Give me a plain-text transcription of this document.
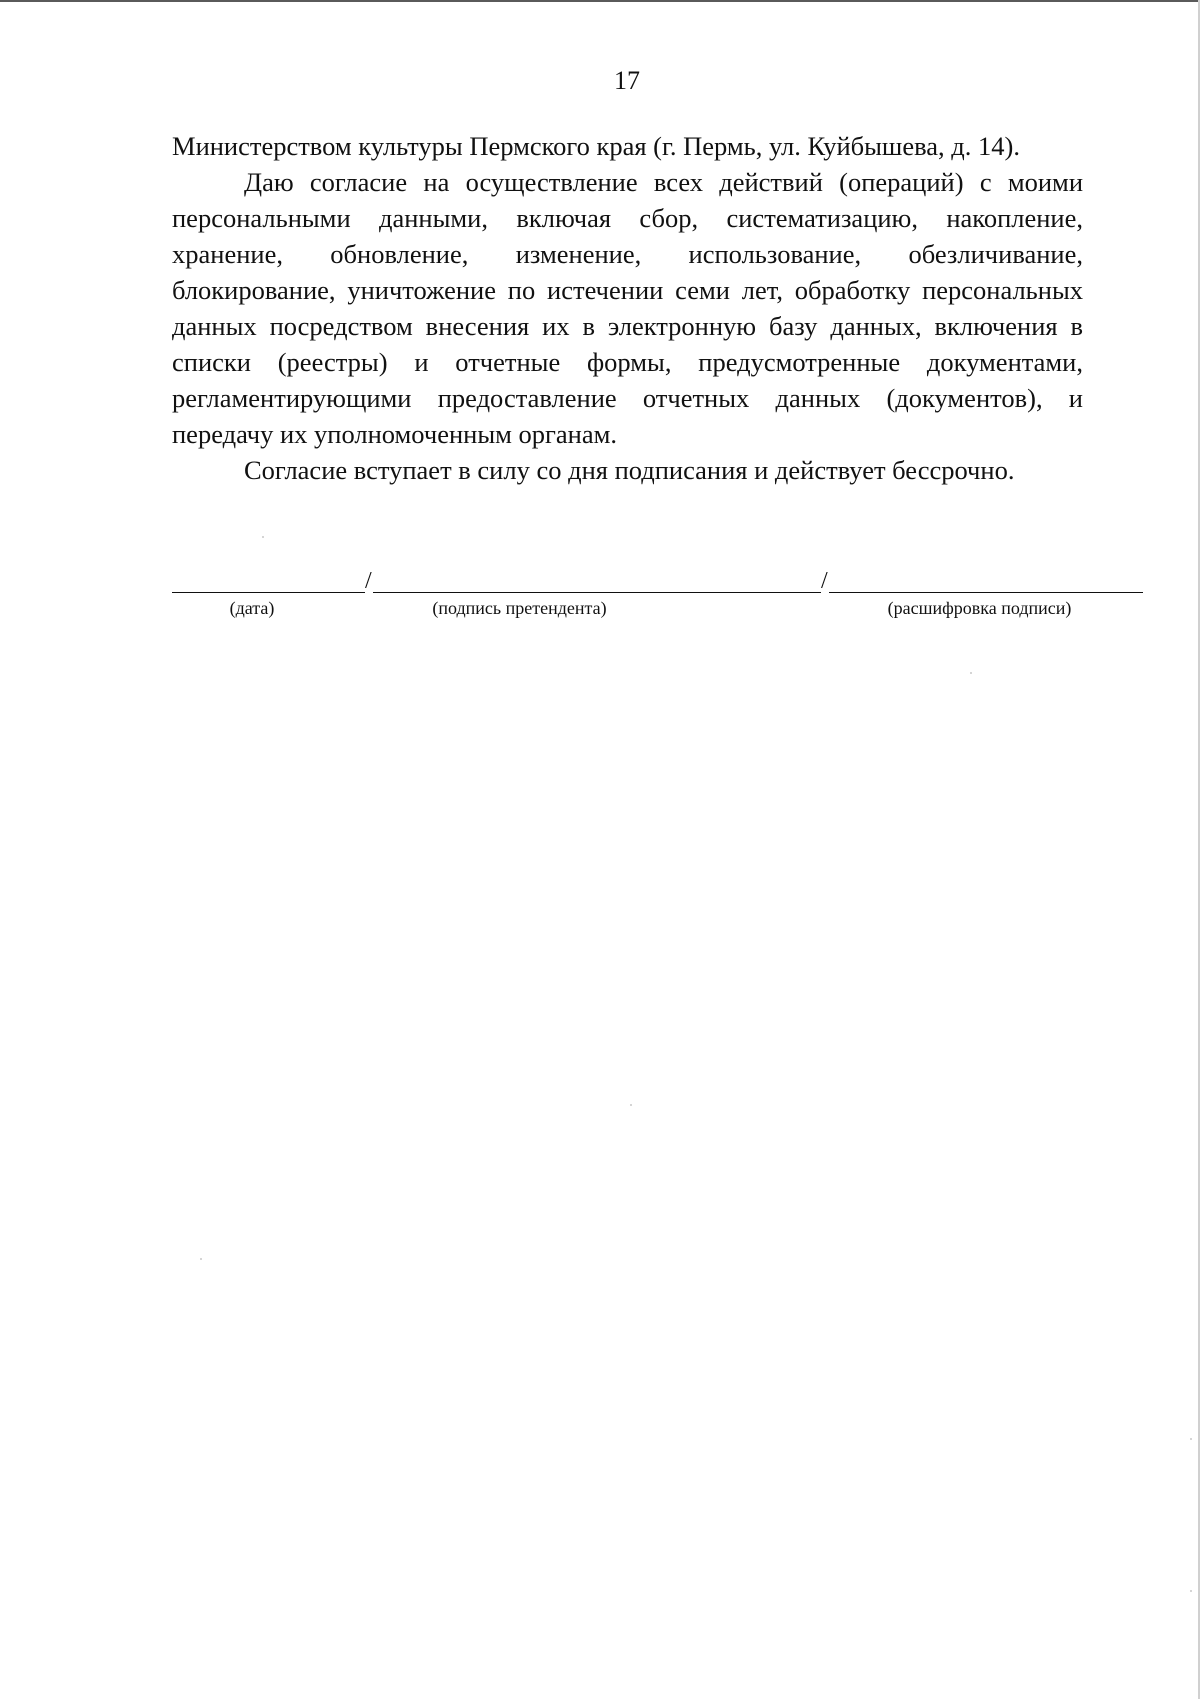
17

Министерством культуры Пермского края (г. Пермь, ул. Куйбышева, д. 14).

Даю согласие на осуществление всех действий (операций) с моими персональными данными, включая сбор, систематизацию, накопление, хранение, обновление, изменение, использование, обезличивание, блокирование, уничтожение по истечении семи лет, обработку персональных данных посредством внесения их в электронную базу данных, включения в списки (реестры) и отчетные формы, предусмотренные документами, регламентирующими предоставление отчетных данных (документов), и передачу их уполномоченным органам.

Согласие вступает в силу со дня подписания и действует бессрочно.

/	/
(дата)	(подпись претендента)	(расшифровка подписи)
